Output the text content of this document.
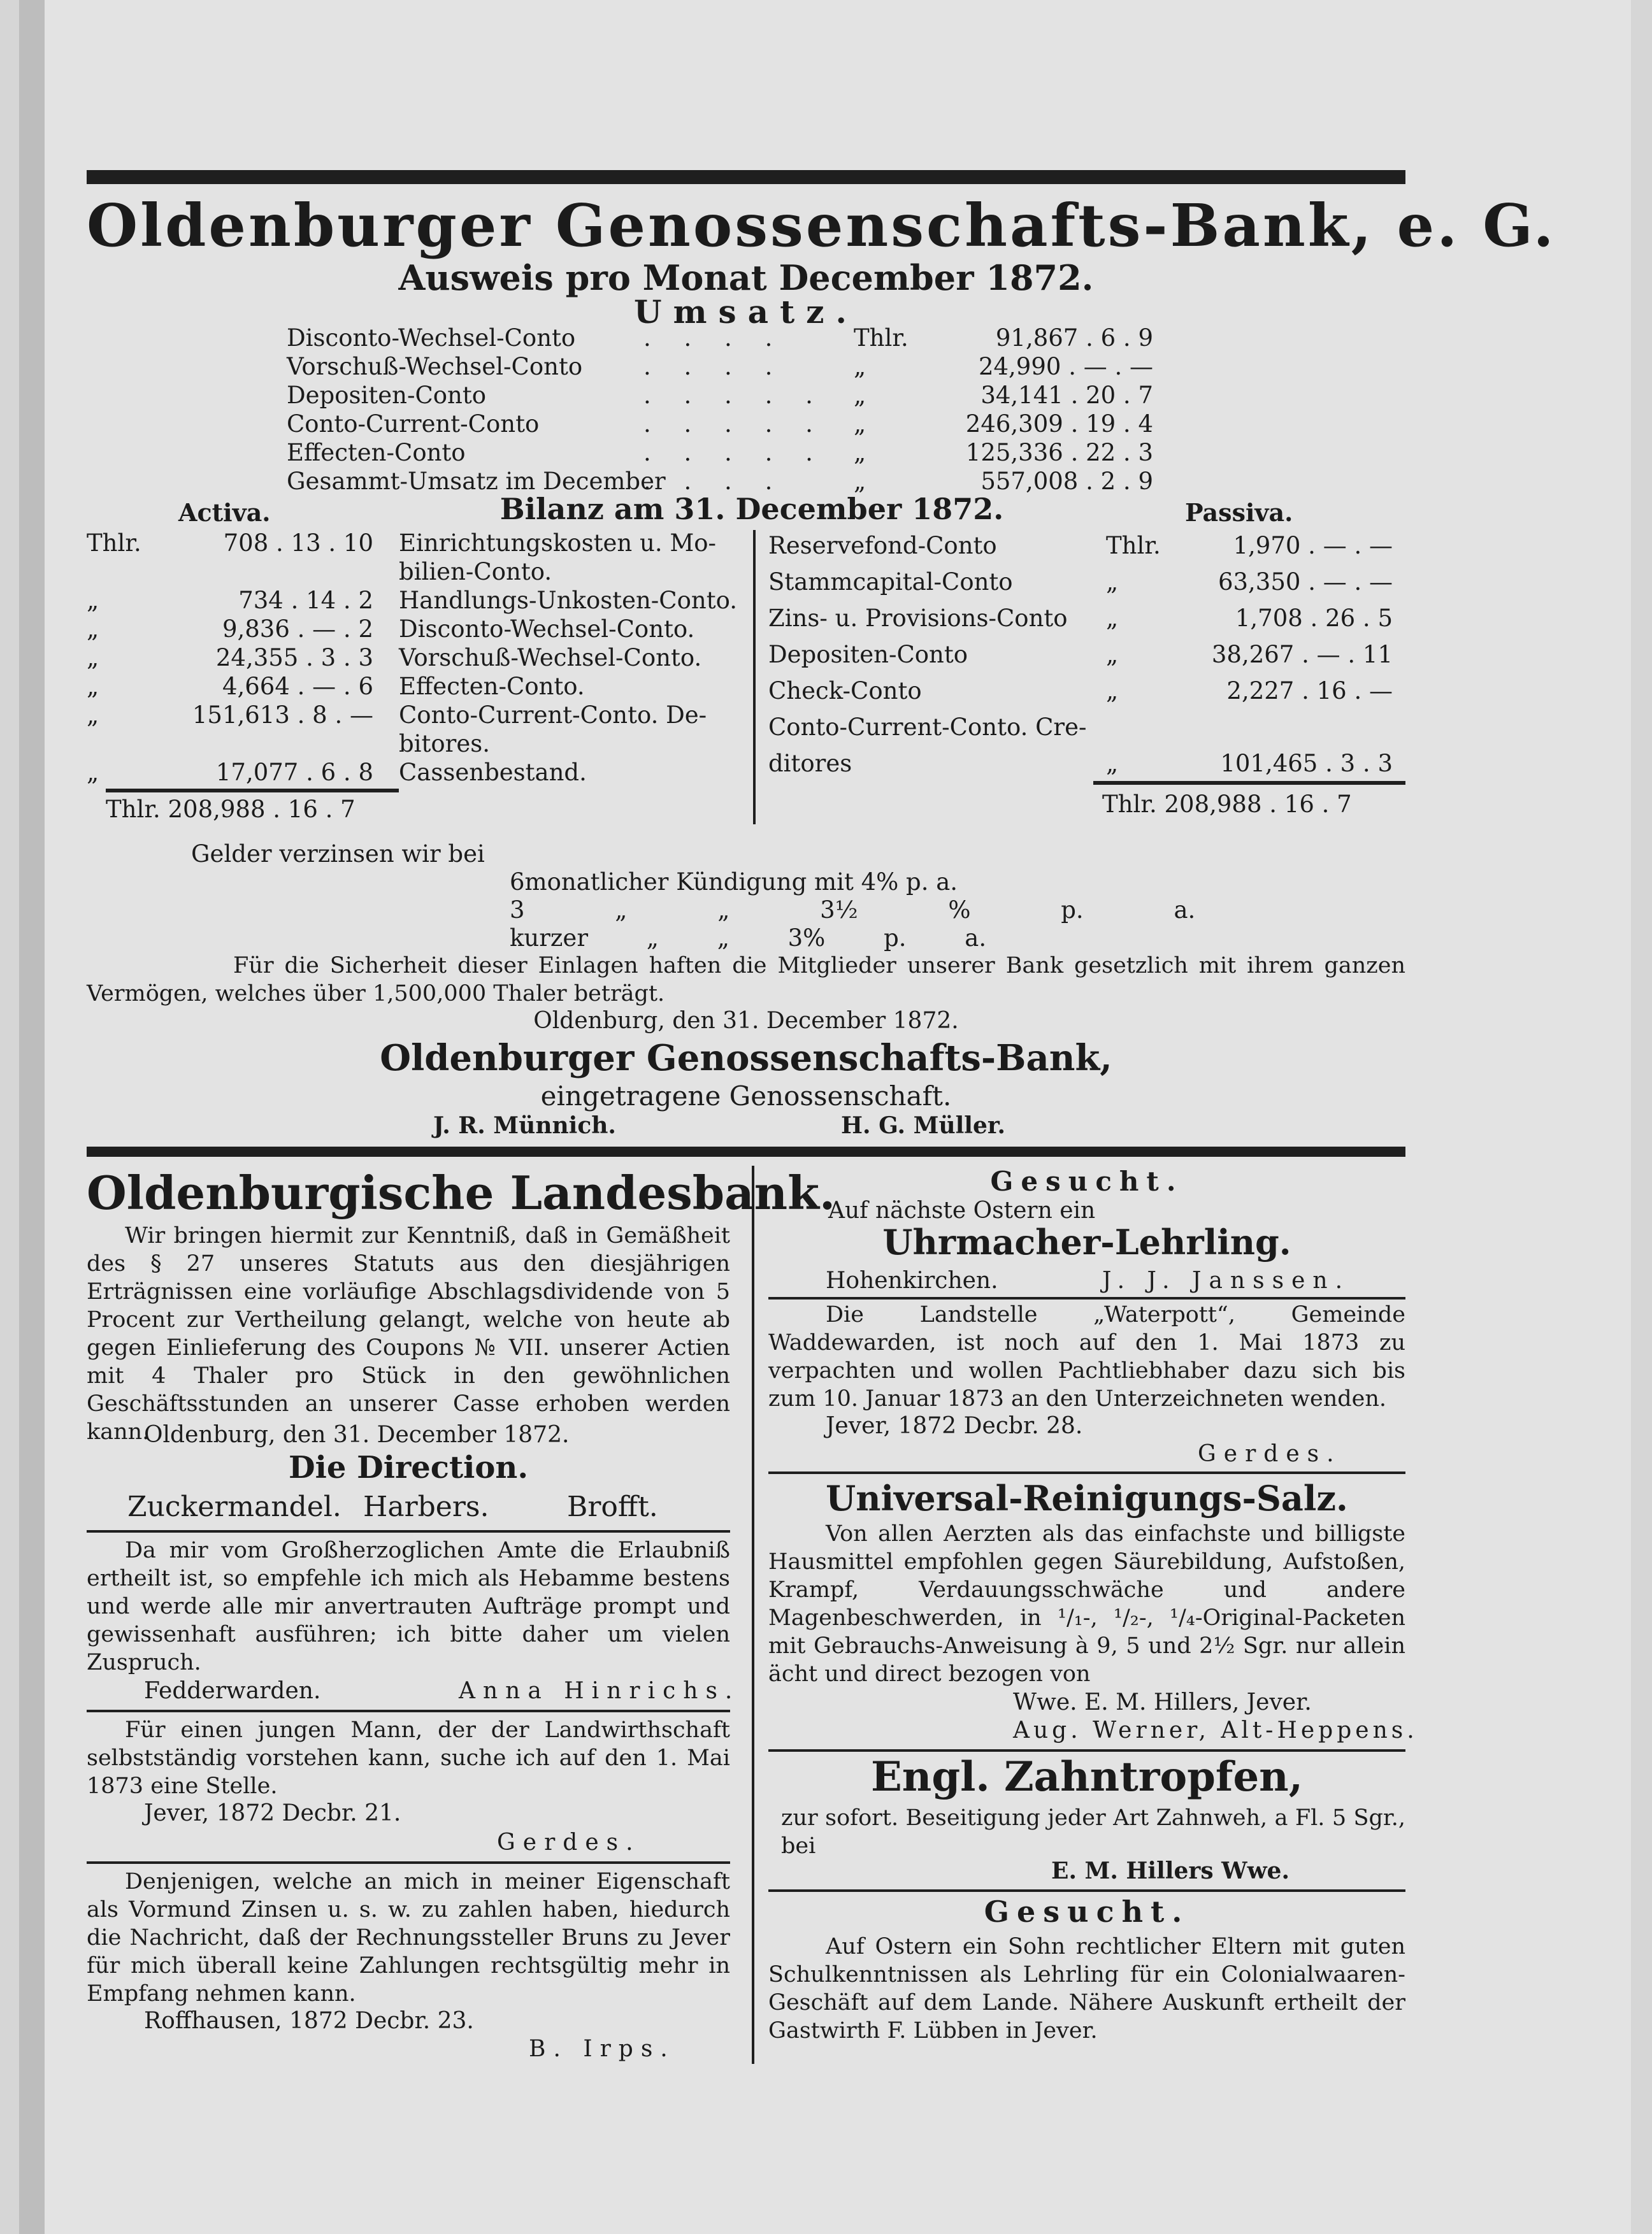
Oldenburger Genossenschafts-Bank, e. G.
Ausweis pro Monat December 1872.
Umsatz.
Disconto-Wechsel-Conto	. . . .	Thlr.	91,867 . 6 . 9
Vorschuß-Wechsel-Conto	. . . .	„	24,990 . — . —
Depositen-Conto	. . . . . „	34,141 . 20 . 7
Conto-Current-Conto	. . . . . „	246,309 . 19 . 4
Effecten-Conto	. . . . . „	125,336 . 22 . 3
Gesammt-Umsatz im December. . . .	„	557,008 . 2 . 9
Activa.	Bilanz am 31. December 1872.	Passiva.
Thlr.	708 . 13 . 10 Einrichtungskosten u. Mo-
bilien-Conto.
„	734 . 14 . 2 Handlungs-Unkosten-Conto.
„	9,836 . — . 2 Disconto-Wechsel-Conto.
„	24,355 . 3 . 3 Vorschuß-Wechsel-Conto.
„	4,664 . — . 6 Effecten-Conto.
„	151,613 . 8 . — Conto-Current-Conto. De-
bitores.
„	17,077 . 6 . 8 Cassenbestand.
Thlr. 208,988 . 16 . 7
Reservefond-Conto	Thlr.	1,970 . — . —
Stammcapital-Conto	„	63,350 . — . —
Zins- u. Provisions-Conto „	1,708 . 26 . 5
Depositen-Conto	„	38,267 . — . 11
Check-Conto	„	2,227 . 16 . —
Conto-Current-Conto. Cre-
ditores	„	101,465 . 3 . 3
Thlr. 208,988 . 16 . 7
Gelder verzinsen wir bei
6monatlicher Kündigung mit 4% p. a.
3 „ „ 3½ % p. a.
kurzer „ „ 3% p. a.
Für die Sicherheit dieser Einlagen haften die Mitglieder unserer Bank gesetzlich mit ihrem ganzen Vermögen, welches über 1,500,000 Thaler beträgt.
Oldenburg, den 31. December 1872.
Oldenburger Genossenschafts-Bank,
eingetragene Genossenschaft.
J. R. Münnich.	H. G. Müller.
Oldenburgische Landesbank.
Wir bringen hiermit zur Kenntniß, daß in Gemäßheit des § 27 unseres Statuts aus den diesjährigen Erträgnissen eine vorläufige Abschlagsdividende von 5 Procent zur Vertheilung gelangt, welche von heute ab gegen Einlieferung des Coupons № VII. unserer Actien mit 4 Thaler pro Stück in den gewöhnlichen Geschäftsstunden an unserer Casse erhoben werden kann.
Oldenburg, den 31. December 1872.
Die Direction.
Zuckermandel. Harbers.	Brofft.
Da mir vom Großherzoglichen Amte die Erlaubniß ertheilt ist, so empfehle ich mich als Hebamme bestens und werde alle mir anvertrauten Aufträge prompt und gewissenhaft ausführen; ich bitte daher um vielen Zuspruch.
Fedderwarden.	Anna Hinrichs.
Für einen jungen Mann, der der Landwirthschaft selbstständig vorstehen kann, suche ich auf den 1. Mai 1873 eine Stelle.
Jever, 1872 Decbr. 21.
Gerdes.
Denjenigen, welche an mich in meiner Eigenschaft als Vormund Zinsen u. s. w. zu zahlen haben, hiedurch die Nachricht, daß der Rechnungssteller Bruns zu Jever für mich überall keine Zahlungen rechtsgültig mehr in Empfang nehmen kann.
Roffhausen, 1872 Decbr. 23.
B. Irps.
Gesucht.
Auf nächste Ostern ein
Uhrmacher-Lehrling.
Hohenkirchen.	J. J. Janssen.
Die Landstelle „Waterpott“, Gemeinde Waddewarden, ist noch auf den 1. Mai 1873 zu verpachten und wollen Pachtliebhaber dazu sich bis zum 10. Januar 1873 an den Unterzeichneten wenden.
Jever, 1872 Decbr. 28.
Gerdes.
Universal-Reinigungs-Salz.
Von allen Aerzten als das einfachste und billigste Hausmittel empfohlen gegen Säurebildung, Aufstoßen, Krampf, Verdauungsschwäche und andere Magenbeschwerden, in ¹/₁-, ¹/₂-, ¹/₄-Original-Packeten mit Gebrauchs-Anweisung à 9, 5 und 2½ Sgr. nur allein ächt und direct bezogen von
Wwe. E. M. Hillers, Jever.
Aug. Werner, Alt-Heppens.
Engl. Zahntropfen,
zur sofort. Beseitigung jeder Art Zahnweh, a Fl. 5 Sgr., bei
E. M. Hillers Wwe.
Gesucht.
Auf Ostern ein Sohn rechtlicher Eltern mit guten Schulkenntnissen als Lehrling für ein Colonialwaaren-Geschäft auf dem Lande. Nähere Auskunft ertheilt der Gastwirth F. Lübben in Jever.
